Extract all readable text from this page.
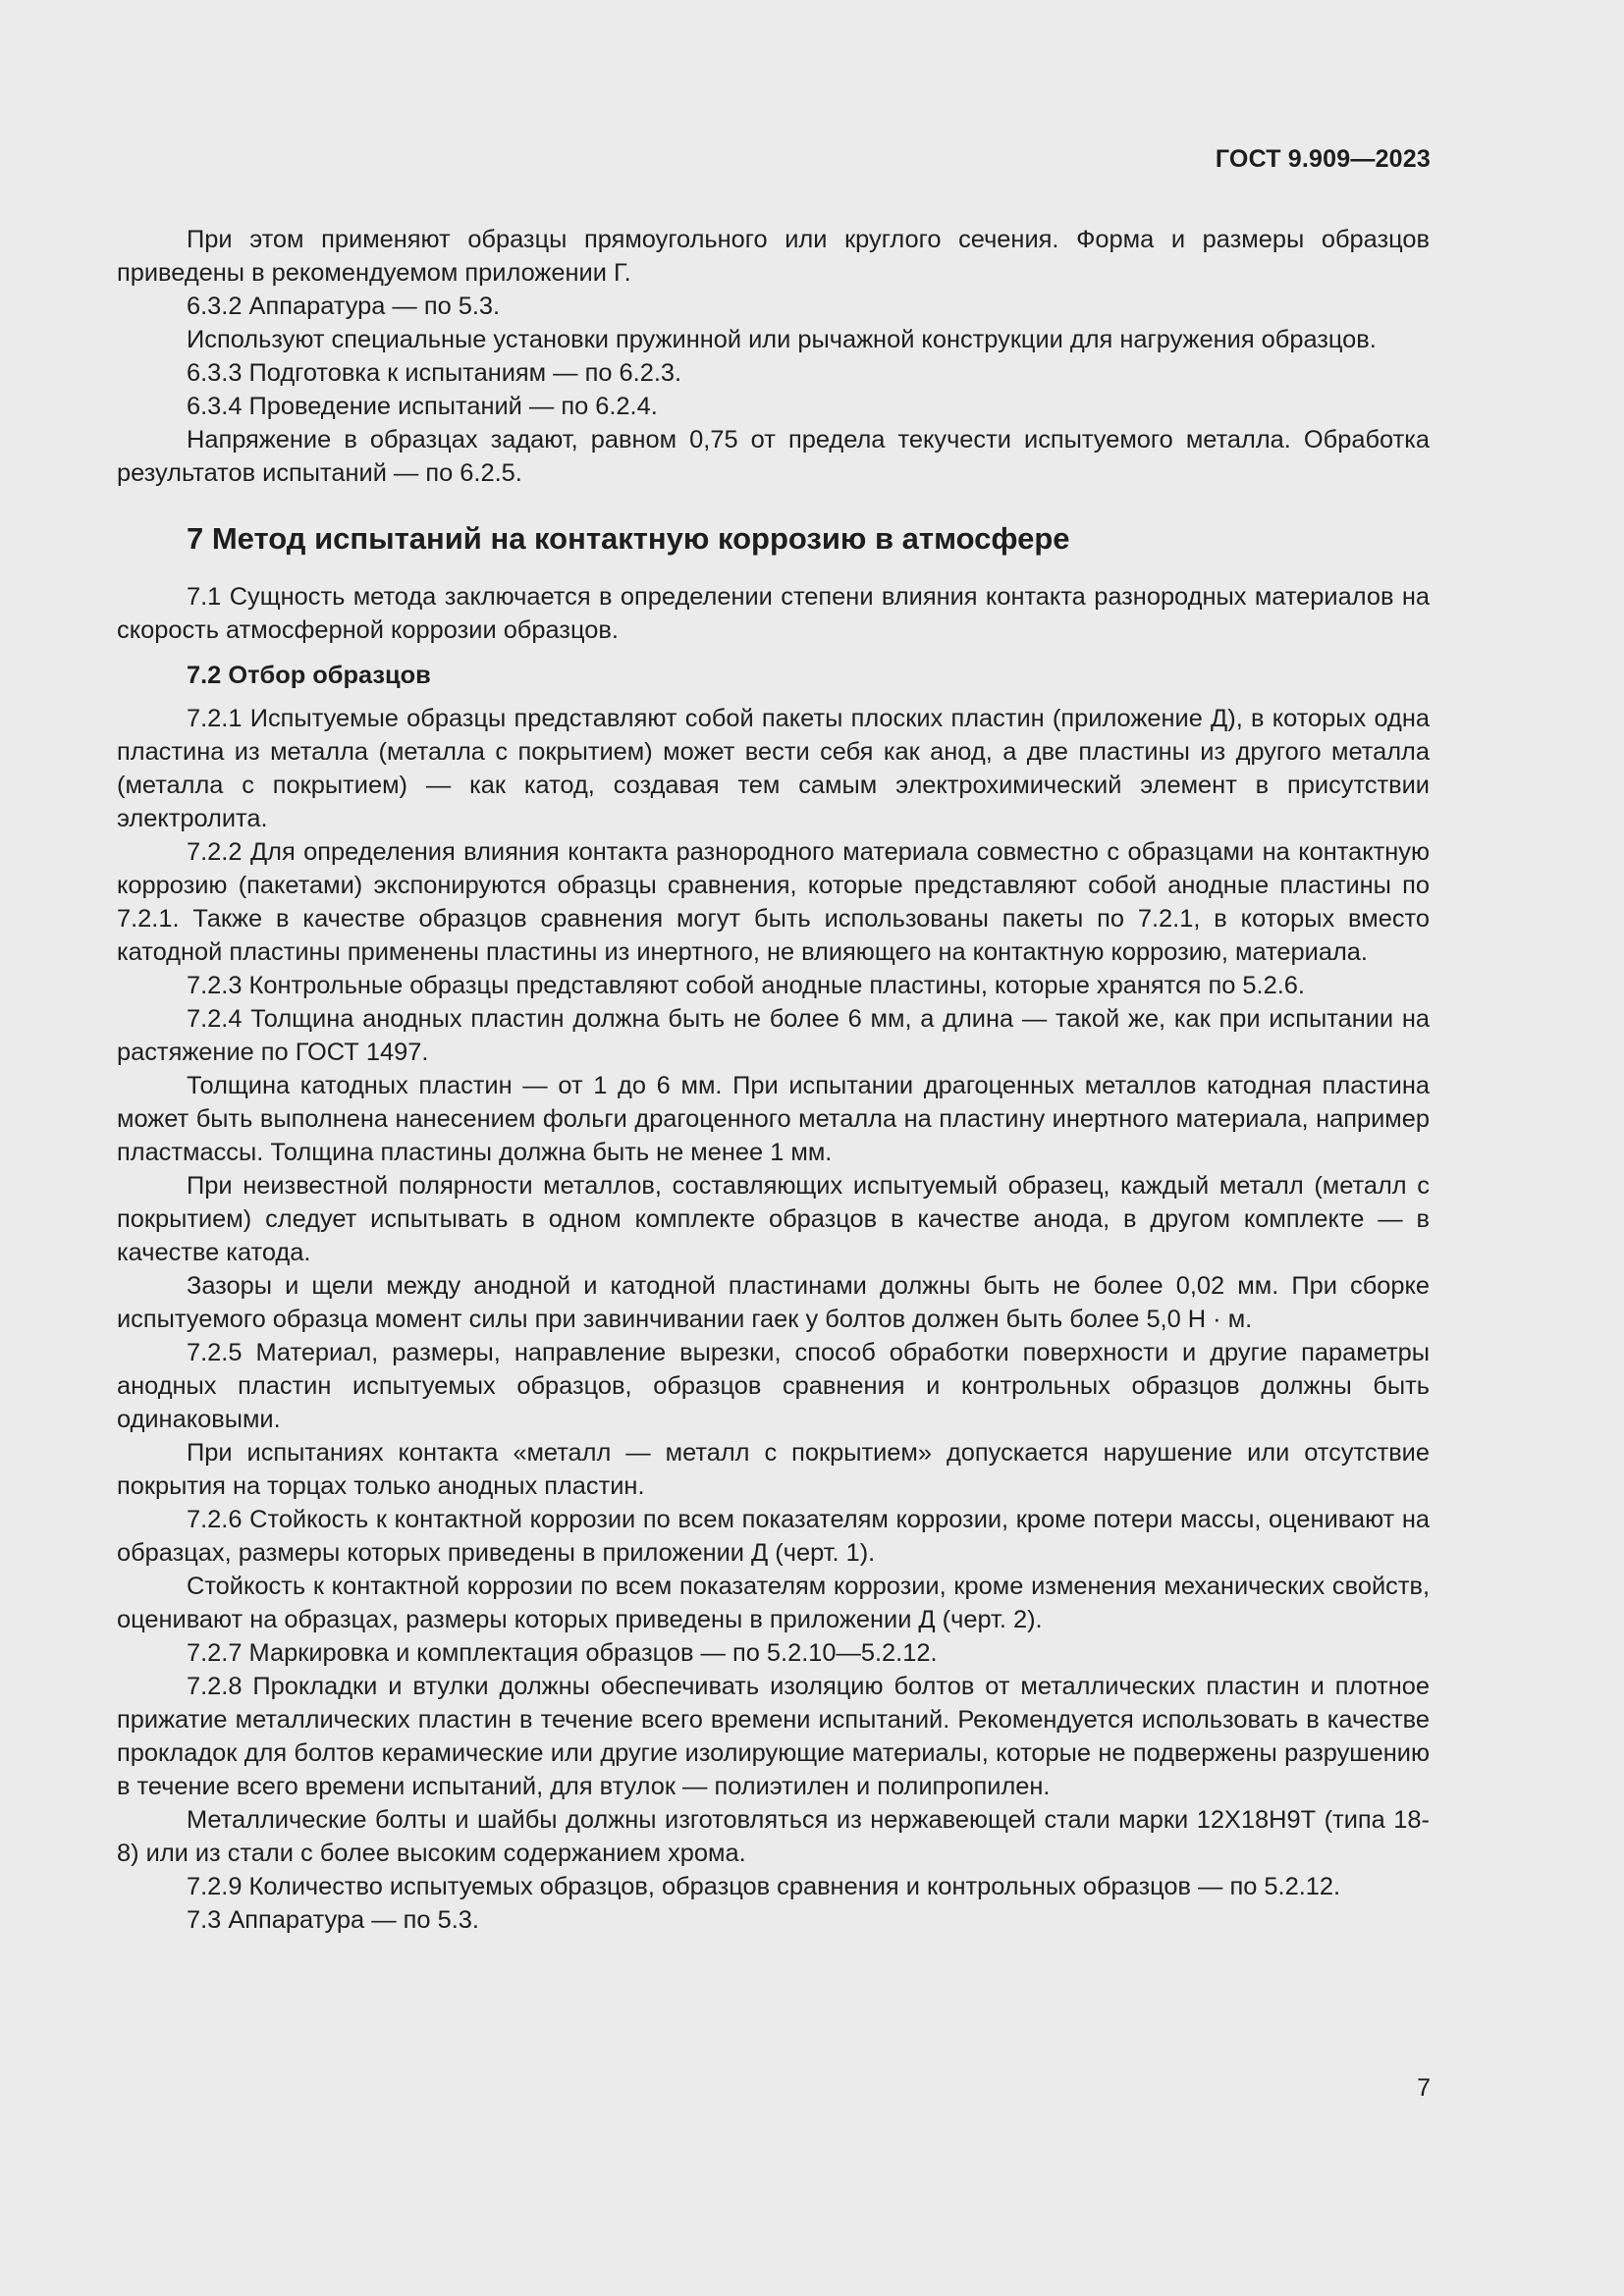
ГОСТ 9.909—2023

При этом применяют образцы прямоугольного или круглого сечения. Форма и размеры образцов приведены в рекомендуемом приложении Г.

6.3.2 Аппаратура — по 5.3.

Используют специальные установки пружинной или рычажной конструкции для нагружения образцов.

6.3.3 Подготовка к испытаниям — по 6.2.3.

6.3.4 Проведение испытаний — по 6.2.4.

Напряжение в образцах задают, равном 0,75 от предела текучести испытуемого металла. Обработка результатов испытаний — по 6.2.5.

7 Метод испытаний на контактную коррозию в атмосфере

7.1 Сущность метода заключается в определении степени влияния контакта разнородных материалов на скорость атмосферной коррозии образцов.

7.2 Отбор образцов

7.2.1 Испытуемые образцы представляют собой пакеты плоских пластин (приложение Д), в которых одна пластина из металла (металла с покрытием) может вести себя как анод, а две пластины из другого металла (металла с покрытием) — как катод, создавая тем самым электрохимический элемент в присутствии электролита.

7.2.2 Для определения влияния контакта разнородного материала совместно с образцами на контактную коррозию (пакетами) экспонируются образцы сравнения, которые представляют собой анодные пластины по 7.2.1. Также в качестве образцов сравнения могут быть использованы пакеты по 7.2.1, в которых вместо катодной пластины применены пластины из инертного, не влияющего на контактную коррозию, материала.

7.2.3 Контрольные образцы представляют собой анодные пластины, которые хранятся по 5.2.6.

7.2.4 Толщина анодных пластин должна быть не более 6 мм, а длина — такой же, как при испытании на растяжение по ГОСТ 1497.

Толщина катодных пластин — от 1 до 6 мм. При испытании драгоценных металлов катодная пластина может быть выполнена нанесением фольги драгоценного металла на пластину инертного материала, например пластмассы. Толщина пластины должна быть не менее 1 мм.

При неизвестной полярности металлов, составляющих испытуемый образец, каждый металл (металл с покрытием) следует испытывать в одном комплекте образцов в качестве анода, в другом комплекте — в качестве катода.

Зазоры и щели между анодной и катодной пластинами должны быть не более 0,02 мм. При сборке испытуемого образца момент силы при завинчивании гаек у болтов должен быть более 5,0 Н · м.

7.2.5 Материал, размеры, направление вырезки, способ обработки поверхности и другие параметры анодных пластин испытуемых образцов, образцов сравнения и контрольных образцов должны быть одинаковыми.

При испытаниях контакта «металл — металл с покрытием» допускается нарушение или отсутствие покрытия на торцах только анодных пластин.

7.2.6 Стойкость к контактной коррозии по всем показателям коррозии, кроме потери массы, оценивают на образцах, размеры которых приведены в приложении Д (черт. 1).

Стойкость к контактной коррозии по всем показателям коррозии, кроме изменения механических свойств, оценивают на образцах, размеры которых приведены в приложении Д (черт. 2).

7.2.7 Маркировка и комплектация образцов — по 5.2.10—5.2.12.

7.2.8 Прокладки и втулки должны обеспечивать изоляцию болтов от металлических пластин и плотное прижатие металлических пластин в течение всего времени испытаний. Рекомендуется использовать в качестве прокладок для болтов керамические или другие изолирующие материалы, которые не подвержены разрушению в течение всего времени испытаний, для втулок — полиэтилен и полипропилен.

Металлические болты и шайбы должны изготовляться из нержавеющей стали марки 12Х18Н9Т (типа 18-8) или из стали с более высоким содержанием хрома.

7.2.9 Количество испытуемых образцов, образцов сравнения и контрольных образцов — по 5.2.12.

7.3 Аппаратура — по 5.3.

7
